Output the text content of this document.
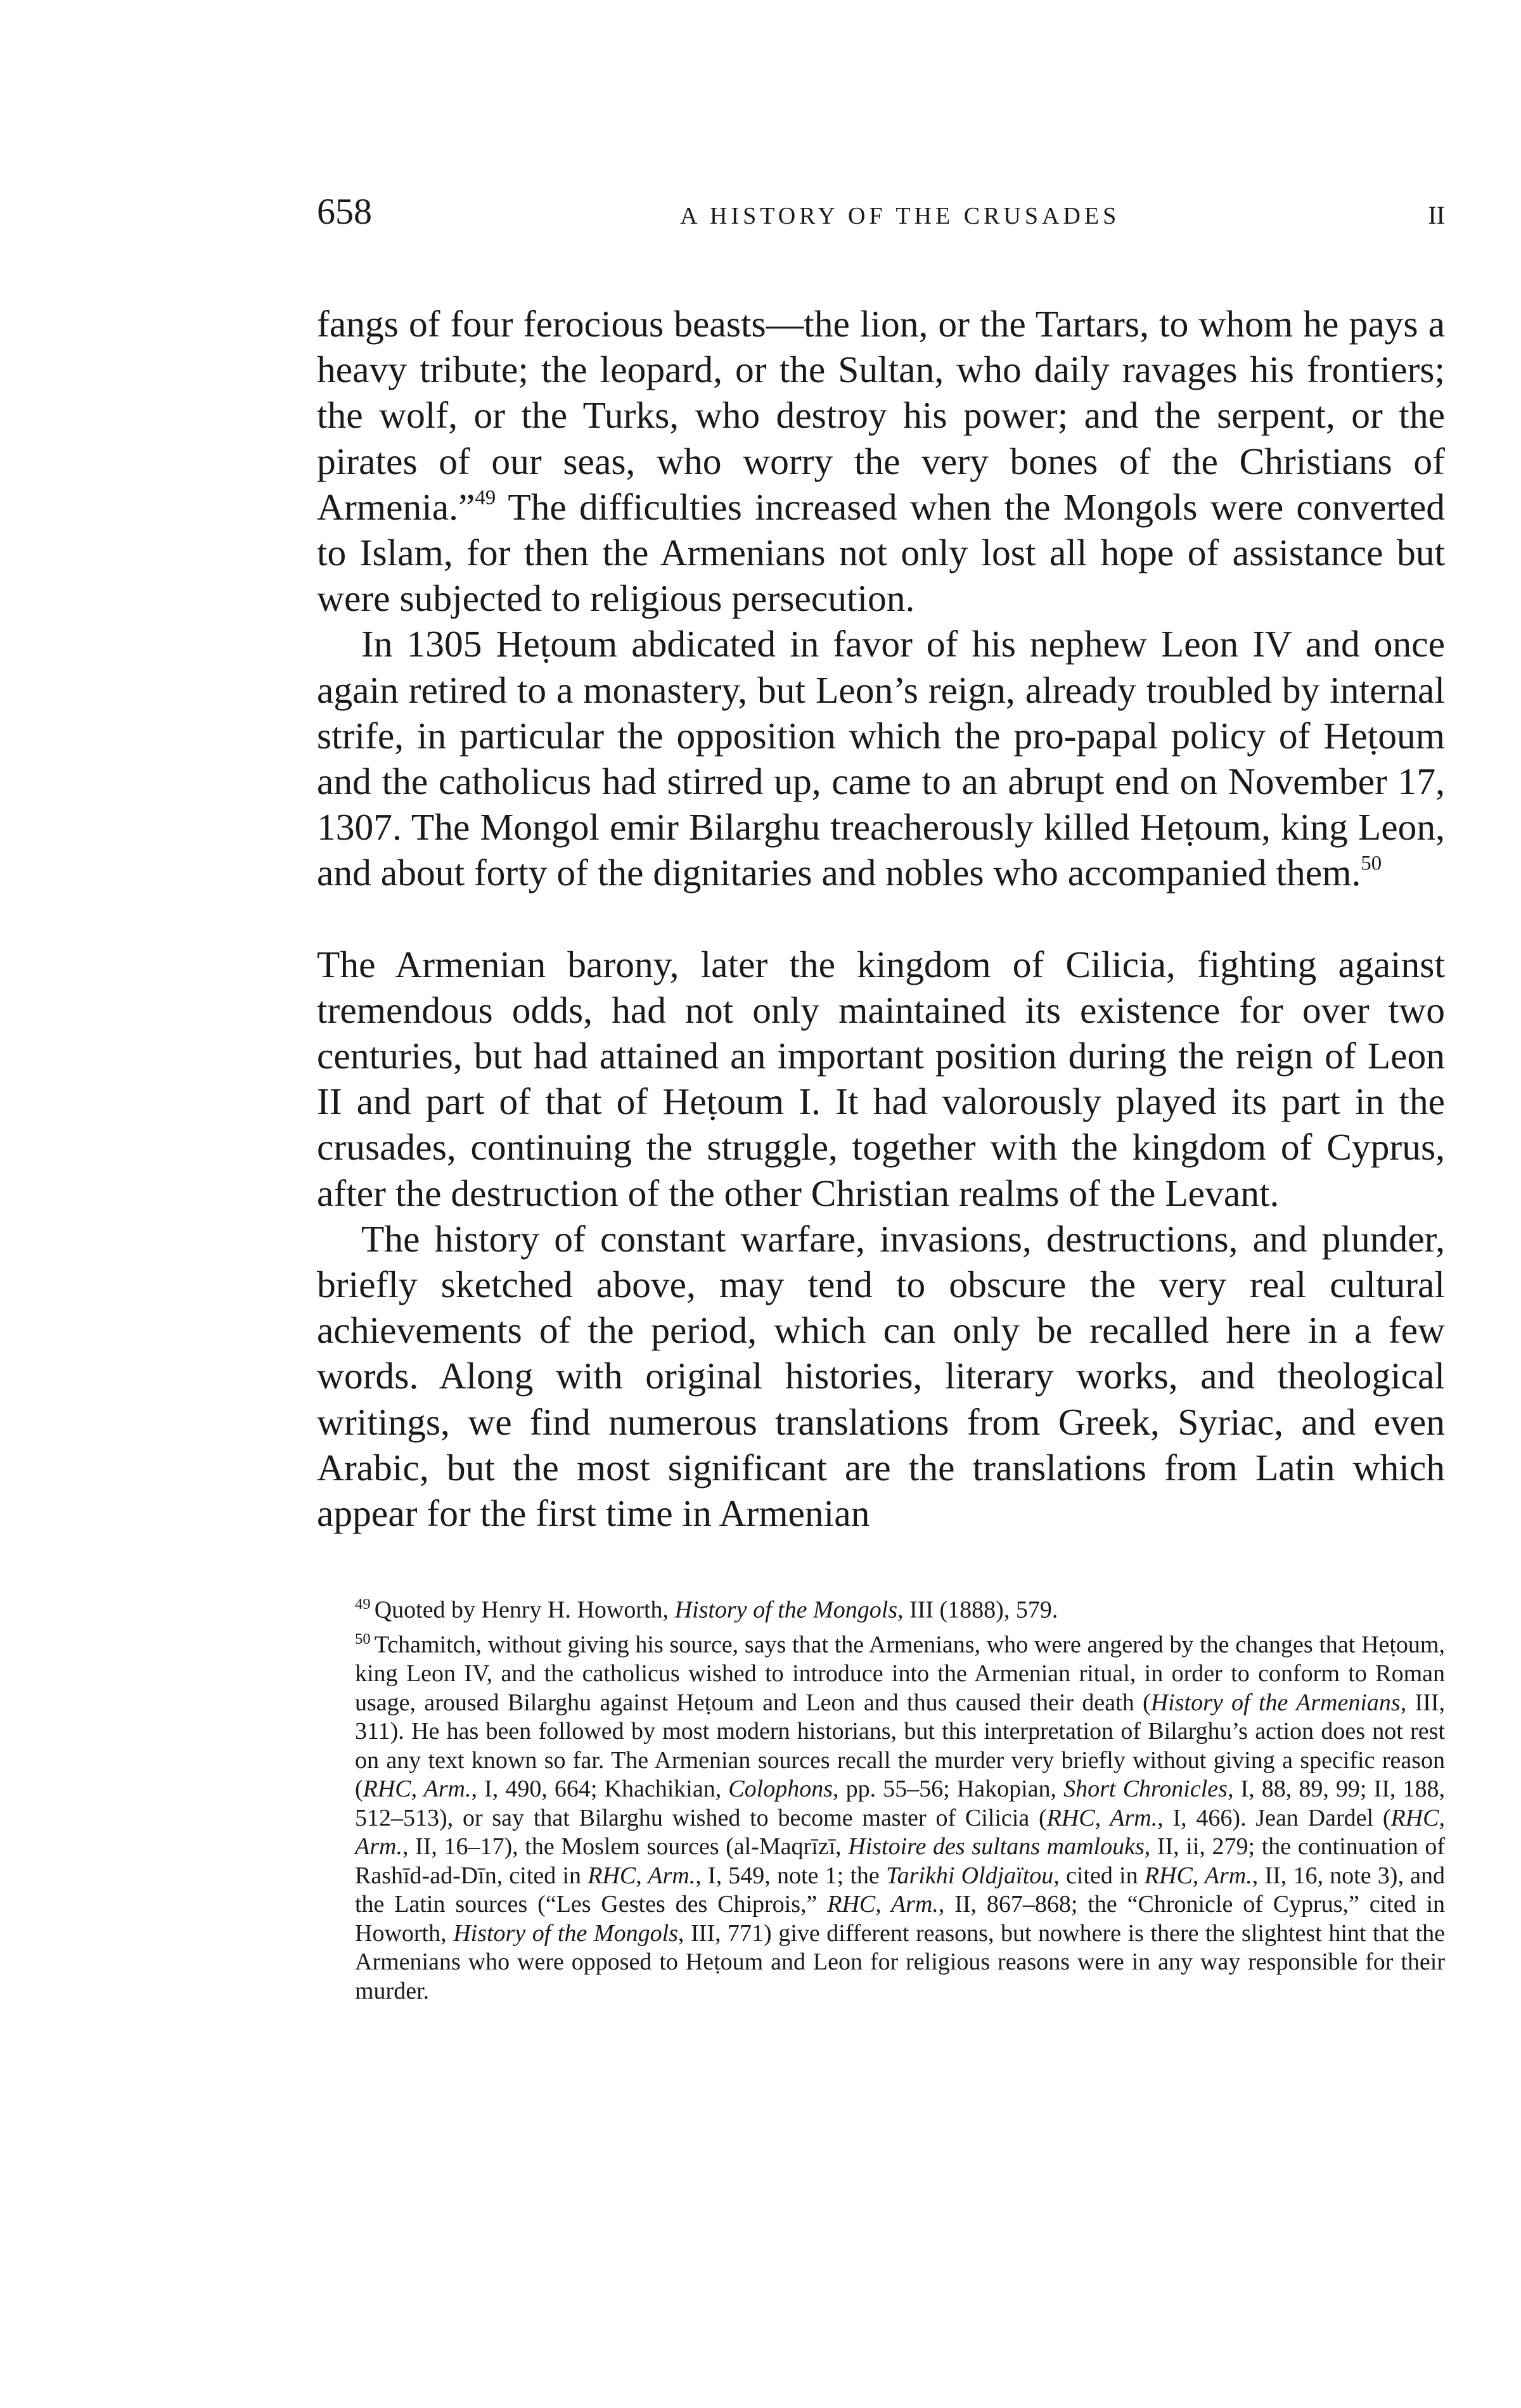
658	A HISTORY OF THE CRUSADES	II

fangs of four ferocious beasts—the lion, or the Tartars, to whom he pays a heavy tribute; the leopard, or the Sultan, who daily ravages his frontiers; the wolf, or the Turks, who destroy his power; and the serpent, or the pirates of our seas, who worry the very bones of the Christians of Armenia.”$^{49}$ The difficulties increased when the Mongols were converted to Islam, for then the Armenians not only lost all hope of assistance but were subjected to religious persecution.

In 1305 Heṭoum abdicated in favor of his nephew Leon IV and once again retired to a monastery, but Leon’s reign, already troubled by internal strife, in particular the opposition which the pro-papal policy of Heṭoum and the catholicus had stirred up, came to an abrupt end on November 17, 1307. The Mongol emir Bilarghu treacherously killed Heṭoum, king Leon, and about forty of the dignitaries and nobles who accompanied them.$^{50}$

The Armenian barony, later the kingdom of Cilicia, fighting against tremendous odds, had not only maintained its existence for over two centuries, but had attained an important position during the reign of Leon II and part of that of Heṭoum I. It had valorously played its part in the crusades, continuing the struggle, together with the kingdom of Cyprus, after the destruction of the other Christian realms of the Levant.

The history of constant warfare, invasions, destructions, and plunder, briefly sketched above, may tend to obscure the very real cultural achievements of the period, which can only be recalled here in a few words. Along with original histories, literary works, and theological writings, we find numerous translations from Greek, Syriac, and even Arabic, but the most significant are the translations from Latin which appear for the first time in Armenian

$^{49}$ Quoted by Henry H. Howorth, History of the Mongols, III (1888), 579.

$^{50}$ Tchamitch, without giving his source, says that the Armenians, who were angered by the changes that Heṭoum, king Leon IV, and the catholicus wished to introduce into the Armenian ritual, in order to conform to Roman usage, aroused Bilarghu against Heṭoum and Leon and thus caused their death (History of the Armenians, III, 311). He has been followed by most modern historians, but this interpretation of Bilarghu’s action does not rest on any text known so far. The Armenian sources recall the murder very briefly without giving a specific reason (RHC, Arm., I, 490, 664; Khachikian, Colophons, pp. 55–56; Hakopian, Short Chronicles, I, 88, 89, 99; II, 188, 512–513), or say that Bilarghu wished to become master of Cilicia (RHC, Arm., I, 466). Jean Dardel (RHC, Arm., II, 16–17), the Moslem sources (al-Maqrīzī, Histoire des sultans mamlouks, II, ii, 279; the continuation of Rashīd-ad-Dīn, cited in RHC, Arm., I, 549, note 1; the Tarikhi Oldjaïtou, cited in RHC, Arm., II, 16, note 3), and the Latin sources (“Les Gestes des Chiprois,” RHC, Arm., II, 867–868; the “Chronicle of Cyprus,” cited in Howorth, History of the Mongols, III, 771) give different reasons, but nowhere is there the slightest hint that the Armenians who were opposed to Heṭoum and Leon for religious reasons were in any way responsible for their murder.
